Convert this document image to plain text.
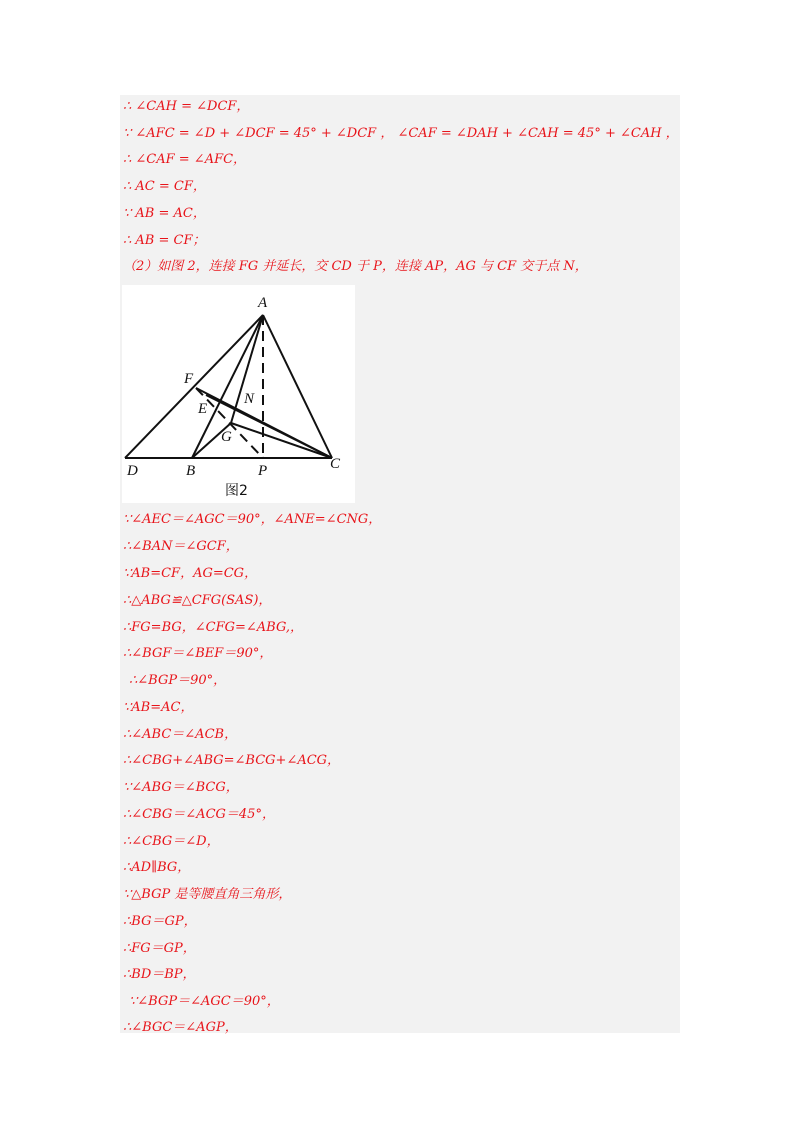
∴ ∠CAH = ∠DCF，
∵ ∠AFC = ∠D + ∠DCF = 45° + ∠DCF ， ∠CAF = ∠DAH + ∠CAH = 45° + ∠CAH ，
∴ ∠CAF = ∠AFC，
∴ AC = CF，
∵ AB = AC，
∴ AB = CF；
（2）如图 2，连接 FG 并延长，交 CD 于 P，连接 AP，AG 与 CF 交于点 N，
A
F
E
N
G
D	B	P	C
图2
∵∠AEC＝∠AGC＝90°，∠ANE=∠CNG，
∴∠BAN＝∠GCF，
∵AB=CF，AG=CG，
∴△ABG≌△CFG(SAS)，
∴FG=BG，∠CFG=∠ABG,，
∴∠BGF＝∠BEF＝90°，
∴∠BGP＝90°，
∵AB=AC，
∴∠ABC＝∠ACB，
∴∠CBG+∠ABG=∠BCG+∠ACG，
∵∠ABG＝∠BCG，
∴∠CBG＝∠ACG＝45°，
∴∠CBG＝∠D，
∴AD∥BG，
∵△BGP 是等腰直角三角形，
∴BG＝GP，
∴FG＝GP，
∴BD＝BP，
∵∠BGP＝∠AGC＝90°，
∴∠BGC＝∠AGP，
